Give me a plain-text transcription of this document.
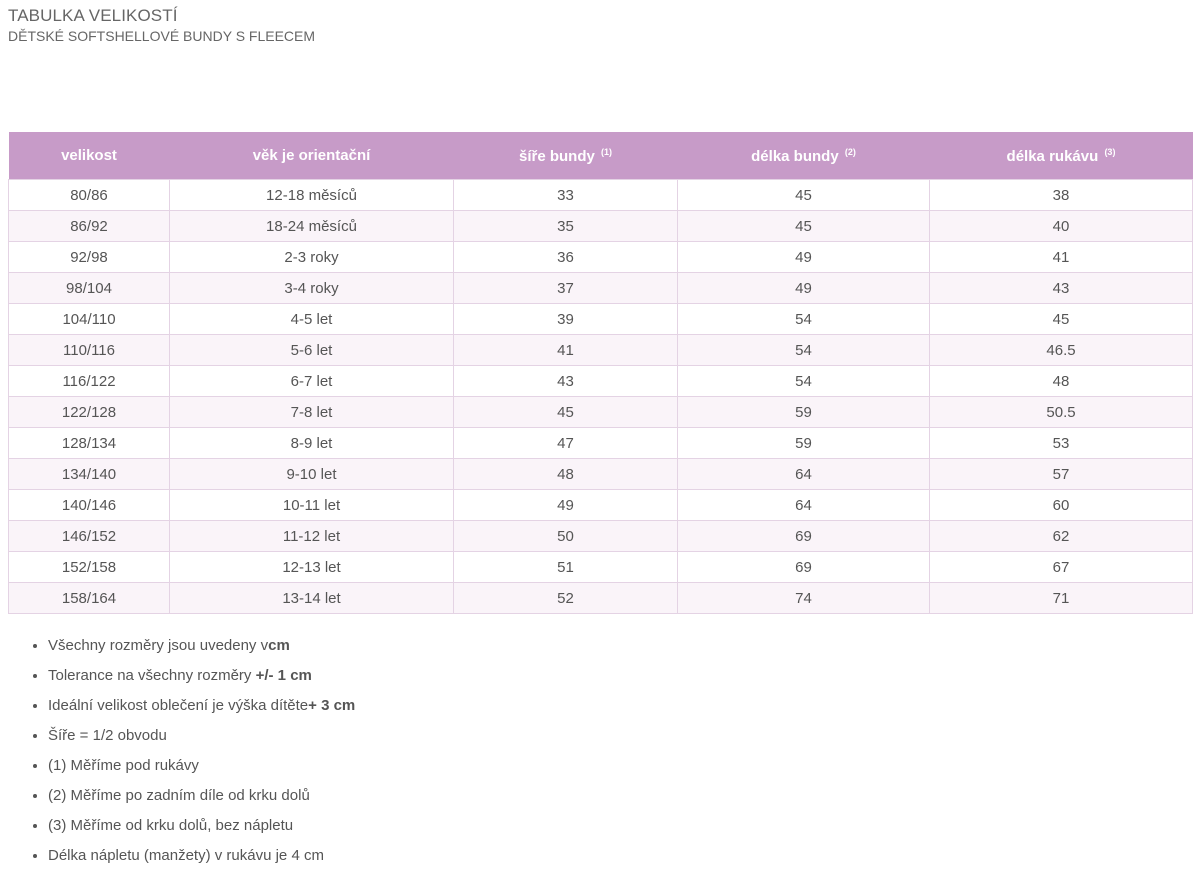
TABULKA VELIKOSTÍ
DĚTSKÉ SOFTSHELLOVÉ BUNDY S FLEECEM
velikost	věk je orientační	šíře bundy $^{(1)}$	délka bundy $^{(2)}$	délka rukávu $^{(3)}$
80/86	12-18 měsíců	33	45	38
86/92	18-24 měsíců	35	45	40
92/98	2-3 roky	36	49	41
98/104	3-4 roky	37	49	43
104/110	4-5 let	39	54	45
110/116	5-6 let	41	54	46.5
116/122	6-7 let	43	54	48
122/128	7-8 let	45	59	50.5
128/134	8-9 let	47	59	53
134/140	9-10 let	48	64	57
140/146	10-11 let	49	64	60
146/152	11-12 let	50	69	62
152/158	12-13 let	51	69	67
158/164	13-14 let	52	74	71
• Všechny rozměry jsou uvedeny vcm
• Tolerance na všechny rozměry +/- 1 cm
• Ideální velikost oblečení je výška dítěte+ 3 cm
• Šíře = 1/2 obvodu
• (1) Měříme pod rukávy
• (2) Měříme po zadním díle od krku dolů
• (3) Měříme od krku dolů, bez nápletu
• Délka nápletu (manžety) v rukávu je 4 cm
